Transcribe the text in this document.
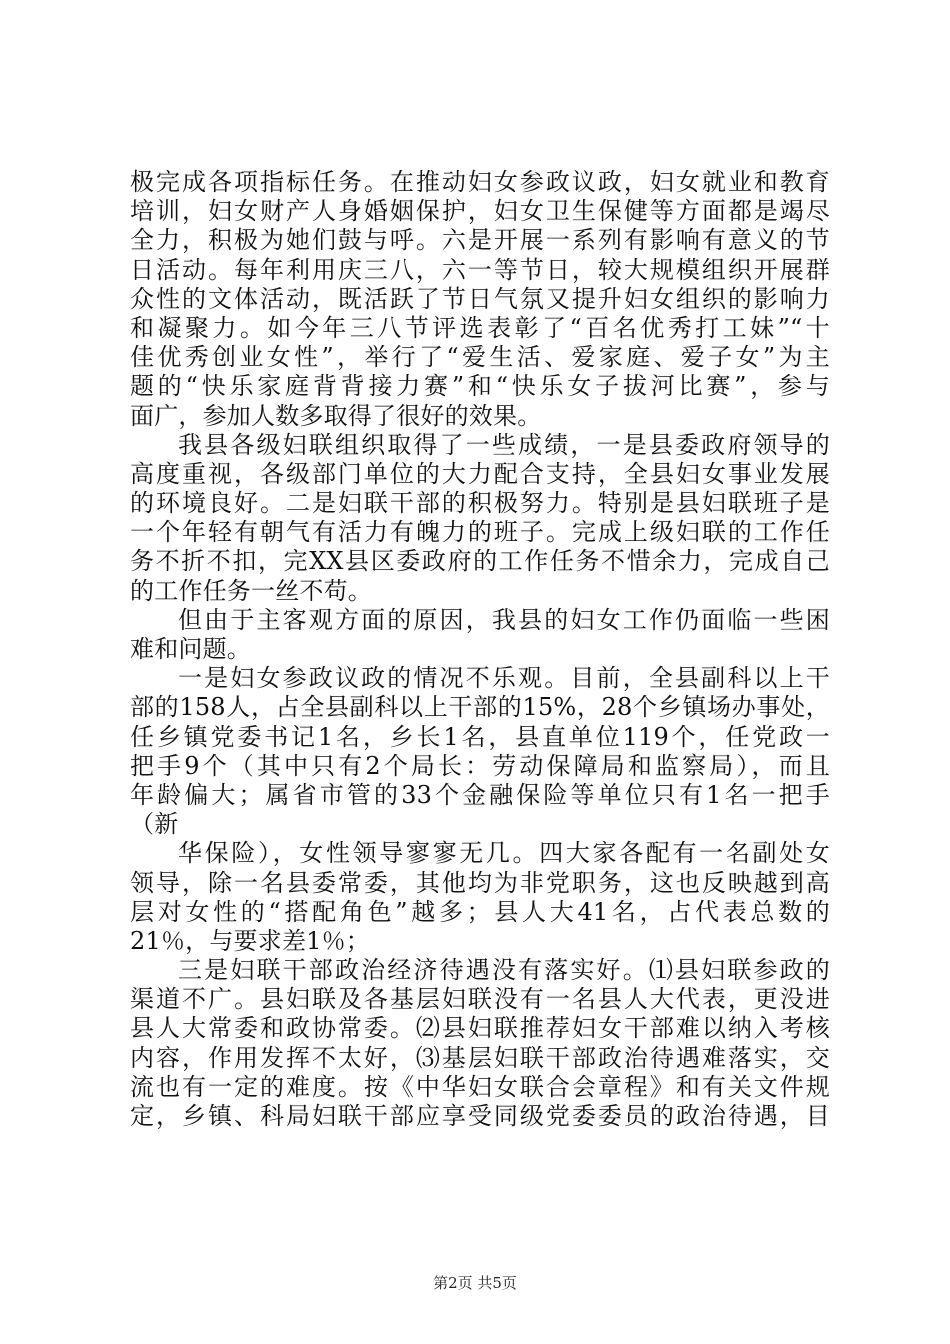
极完成各项指标任务。在推动妇女参政议政，妇女就业和教育
培训，妇女财产人身婚姻保护，妇女卫生保健等方面都是竭尽
全力，积极为她们鼓与呼。六是开展一系列有影响有意义的节
日活动。每年利用庆三八，六一等节日，较大规模组织开展群
众性的文体活动，既活跃了节日气氛又提升妇女组织的影响力
和凝聚力。如今年三八节评选表彰了“百名优秀打工妹”“十
佳优秀创业女性”，举行了“爱生活、爱家庭、爱子女”为主
题的“快乐家庭背背接力赛”和“快乐女子拔河比赛”，参与
面广，参加人数多取得了很好的效果。
我县各级妇联组织取得了一些成绩，一是县委政府领导的
高度重视，各级部门单位的大力配合支持，全县妇女事业发展
的环境良好。二是妇联干部的积极努力。特别是县妇联班子是
一个年轻有朝气有活力有魄力的班子。完成上级妇联的工作任
务不折不扣，完XX县区委政府的工作任务不惜余力，完成自己
的工作任务一丝不苟。
但由于主客观方面的原因，我县的妇女工作仍面临一些困
难和问题。
一是妇女参政议政的情况不乐观。目前，全县副科以上干
部的158人，占全县副科以上干部的15%，28个乡镇场办事处，
任乡镇党委书记1名，乡长1名，县直单位119个，任党政一
把手9个（其中只有2个局长：劳动保障局和监察局），而且
年龄偏大；属省市管的33个金融保险等单位只有1名一把手
（新
华保险），女性领导寥寥无几。四大家各配有一名副处女
领导，除一名县委常委，其他均为非党职务，这也反映越到高
层对女性的“搭配角色”越多；县人大41名，占代表总数的
21％，与要求差1％；
三是妇联干部政治经济待遇没有落实好。⑴县妇联参政的
渠道不广。县妇联及各基层妇联没有一名县人大代表，更没进
县人大常委和政协常委。⑵县妇联推荐妇女干部难以纳入考核
内容，作用发挥不太好，⑶基层妇联干部政治待遇难落实，交
流也有一定的难度。按《中华妇女联合会章程》和有关文件规
定，乡镇、科局妇联干部应享受同级党委委员的政治待遇，目
第2页 共5页
